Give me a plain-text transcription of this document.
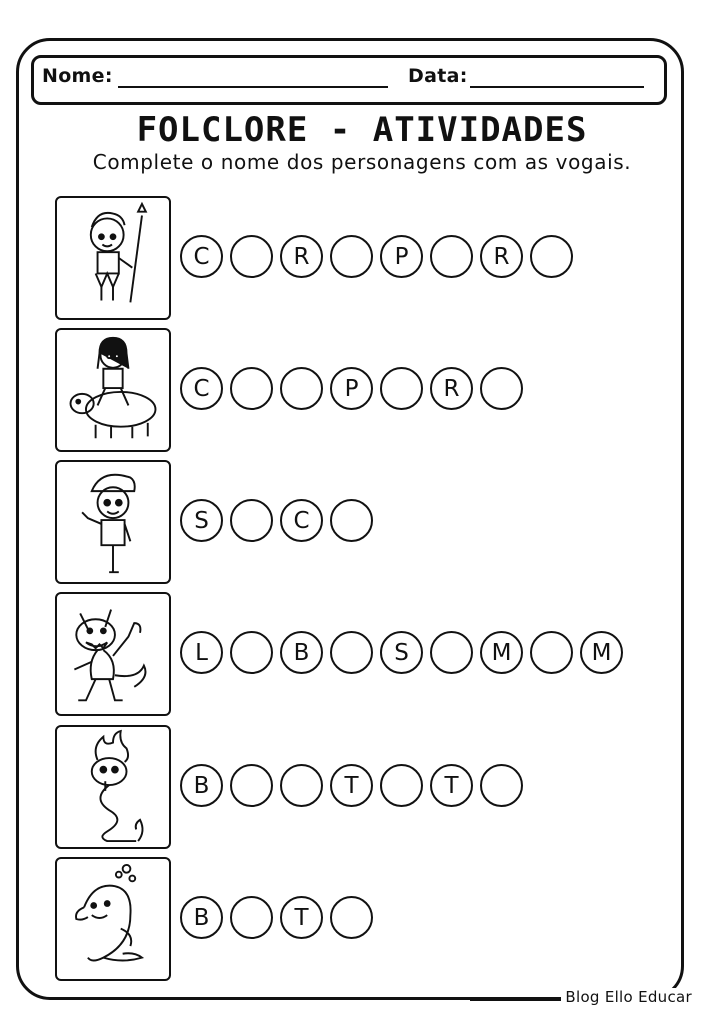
Nome:	Data:
FOLCLORE - ATIVIDADES
Complete o nome dos personagens com as vogais.
C	R	P	R
C	P	R
S	C
L	B	S	M	M
B	T	T
B	T
Blog Ello Educar
